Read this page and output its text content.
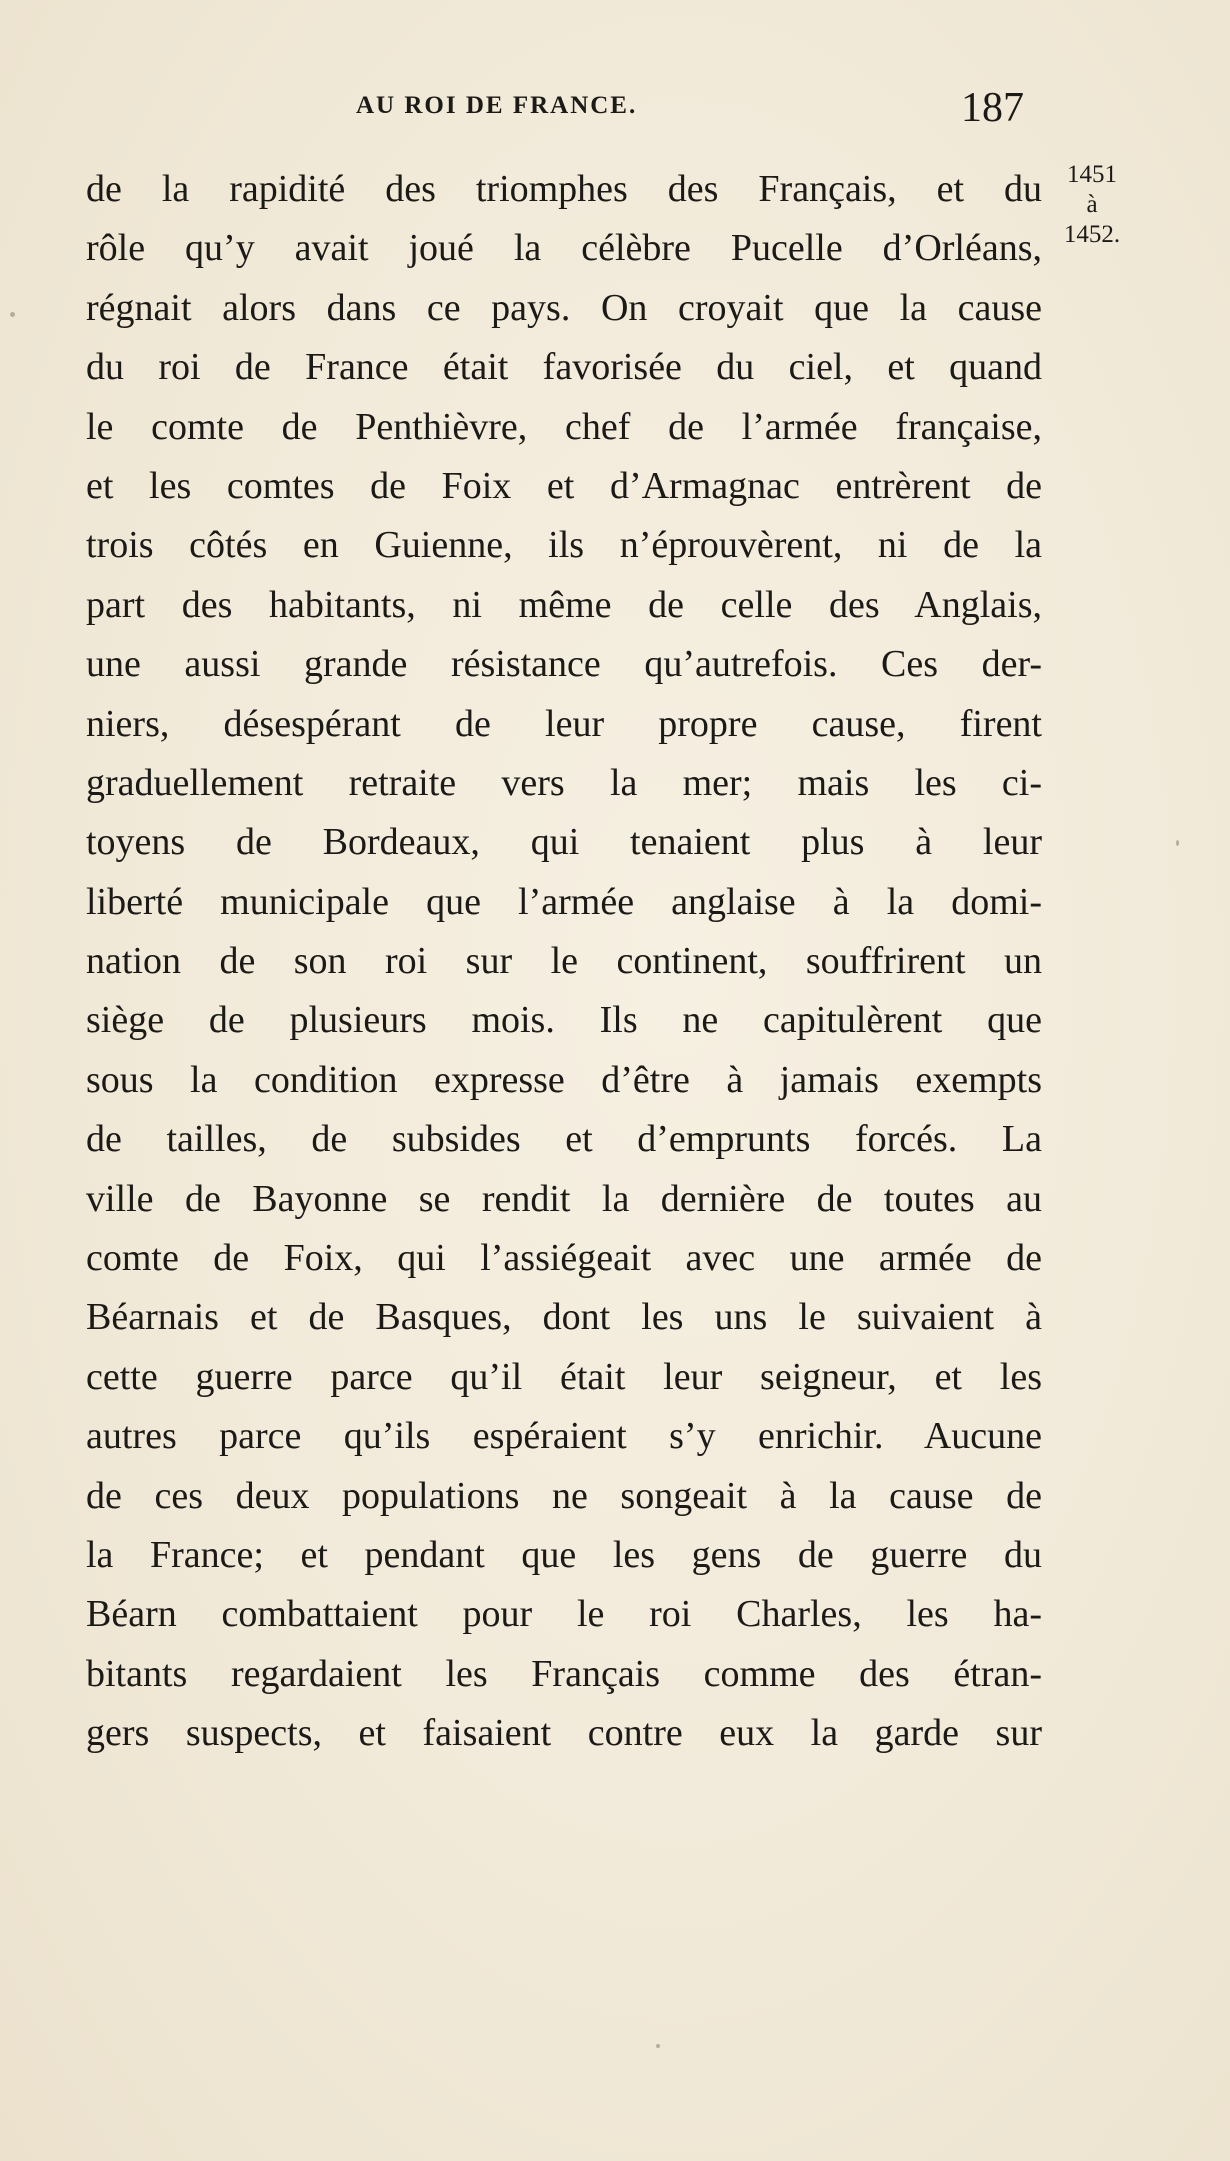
AU ROI DE FRANCE.	187
1451
à
1452.
de la rapidité des triomphes des Français, et du
rôle qu’y avait joué la célèbre Pucelle d’Orléans,
régnait alors dans ce pays. On croyait que la cause
du roi de France était favorisée du ciel, et quand
le comte de Penthièvre, chef de l’armée française,
et les comtes de Foix et d’Armagnac entrèrent de
trois côtés en Guienne, ils n’éprouvèrent, ni de la
part des habitants, ni même de celle des Anglais,
une aussi grande résistance qu’autrefois. Ces der-
niers, désespérant de leur propre cause, firent
graduellement retraite vers la mer; mais les ci-
toyens de Bordeaux, qui tenaient plus à leur
liberté municipale que l’armée anglaise à la domi-
nation de son roi sur le continent, souffrirent un
siège de plusieurs mois. Ils ne capitulèrent que
sous la condition expresse d’être à jamais exempts
de tailles, de subsides et d’emprunts forcés. La
ville de Bayonne se rendit la dernière de toutes au
comte de Foix, qui l’assiégeait avec une armée de
Béarnais et de Basques, dont les uns le suivaient à
cette guerre parce qu’il était leur seigneur, et les
autres parce qu’ils espéraient s’y enrichir. Aucune
de ces deux populations ne songeait à la cause de
la France; et pendant que les gens de guerre du
Béarn combattaient pour le roi Charles, les ha-
bitants regardaient les Français comme des étran-
gers suspects, et faisaient contre eux la garde sur
